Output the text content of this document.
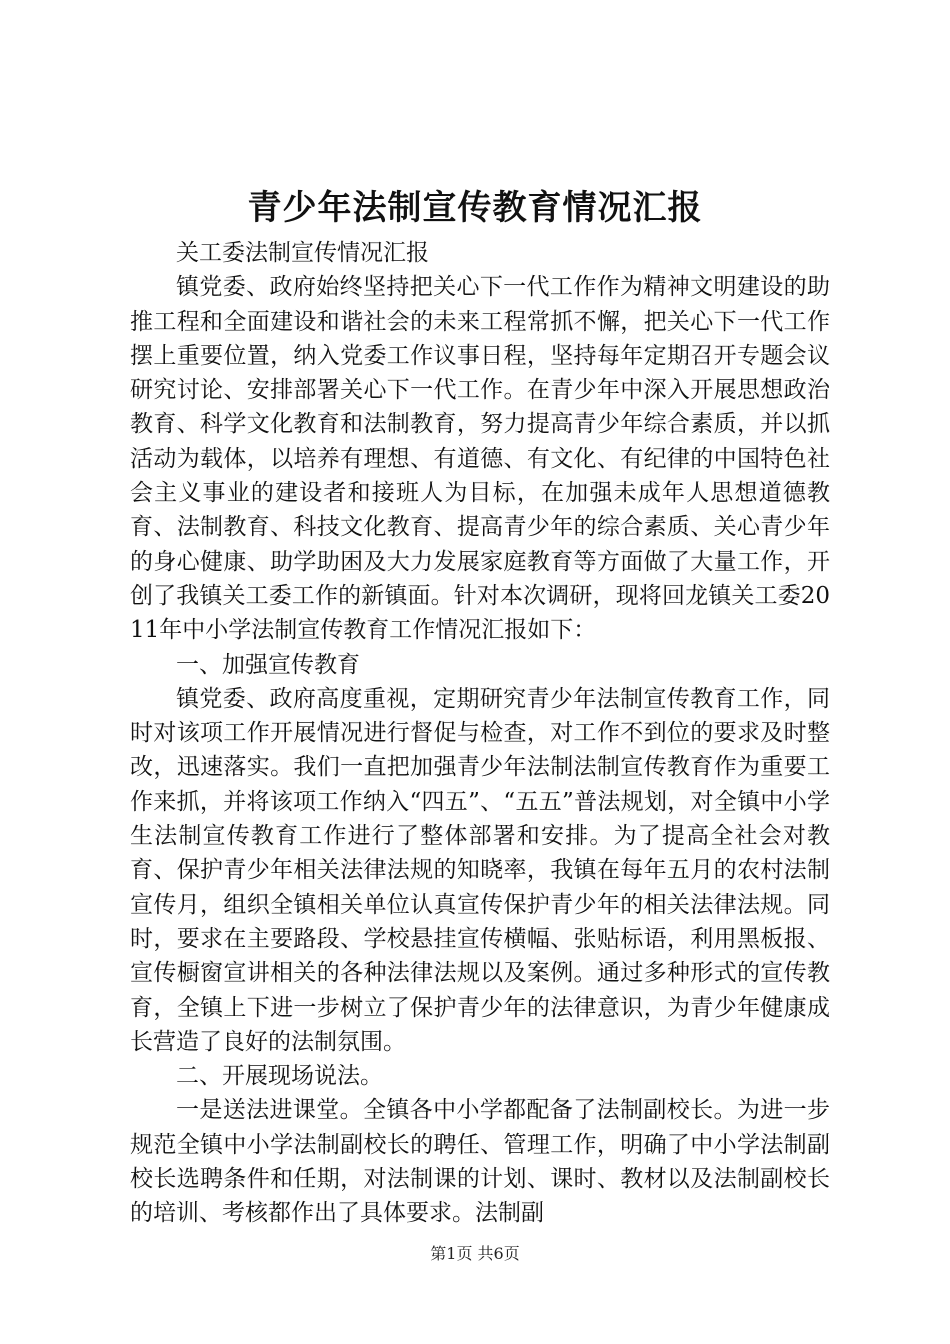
青少年法制宣传教育情况汇报

关工委法制宣传情况汇报

镇党委、政府始终坚持把关心下一代工作作为精神文明建设的助推工程和全面建设和谐社会的未来工程常抓不懈，把关心下一代工作摆上重要位置，纳入党委工作议事日程，坚持每年定期召开专题会议研究讨论、安排部署关心下一代工作。在青少年中深入开展思想政治教育、科学文化教育和法制教育，努力提高青少年综合素质，并以抓活动为载体，以培养有理想、有道德、有文化、有纪律的中国特色社会主义事业的建设者和接班人为目标，在加强未成年人思想道德教育、法制教育、科技文化教育、提高青少年的综合素质、关心青少年的身心健康、助学助困及大力发展家庭教育等方面做了大量工作，开创了我镇关工委工作的新镇面。针对本次调研，现将回龙镇关工委2011年中小学法制宣传教育工作情况汇报如下：

一、加强宣传教育

镇党委、政府高度重视，定期研究青少年法制宣传教育工作，同时对该项工作开展情况进行督促与检查，对工作不到位的要求及时整改，迅速落实。我们一直把加强青少年法制法制宣传教育作为重要工作来抓，并将该项工作纳入“四五”、“五五”普法规划，对全镇中小学生法制宣传教育工作进行了整体部署和安排。为了提高全社会对教育、保护青少年相关法律法规的知晓率，我镇在每年五月的农村法制宣传月，组织全镇相关单位认真宣传保护青少年的相关法律法规。同时，要求在主要路段、学校悬挂宣传横幅、张贴标语，利用黑板报、宣传橱窗宣讲相关的各种法律法规以及案例。通过多种形式的宣传教育，全镇上下进一步树立了保护青少年的法律意识，为青少年健康成长营造了良好的法制氛围。

二、开展现场说法。

一是送法进课堂。全镇各中小学都配备了法制副校长。为进一步规范全镇中小学法制副校长的聘任、管理工作，明确了中小学法制副校长选聘条件和任期，对法制课的计划、课时、教材以及法制副校长的培训、考核都作出了具体要求。法制副

第1页 共6页
